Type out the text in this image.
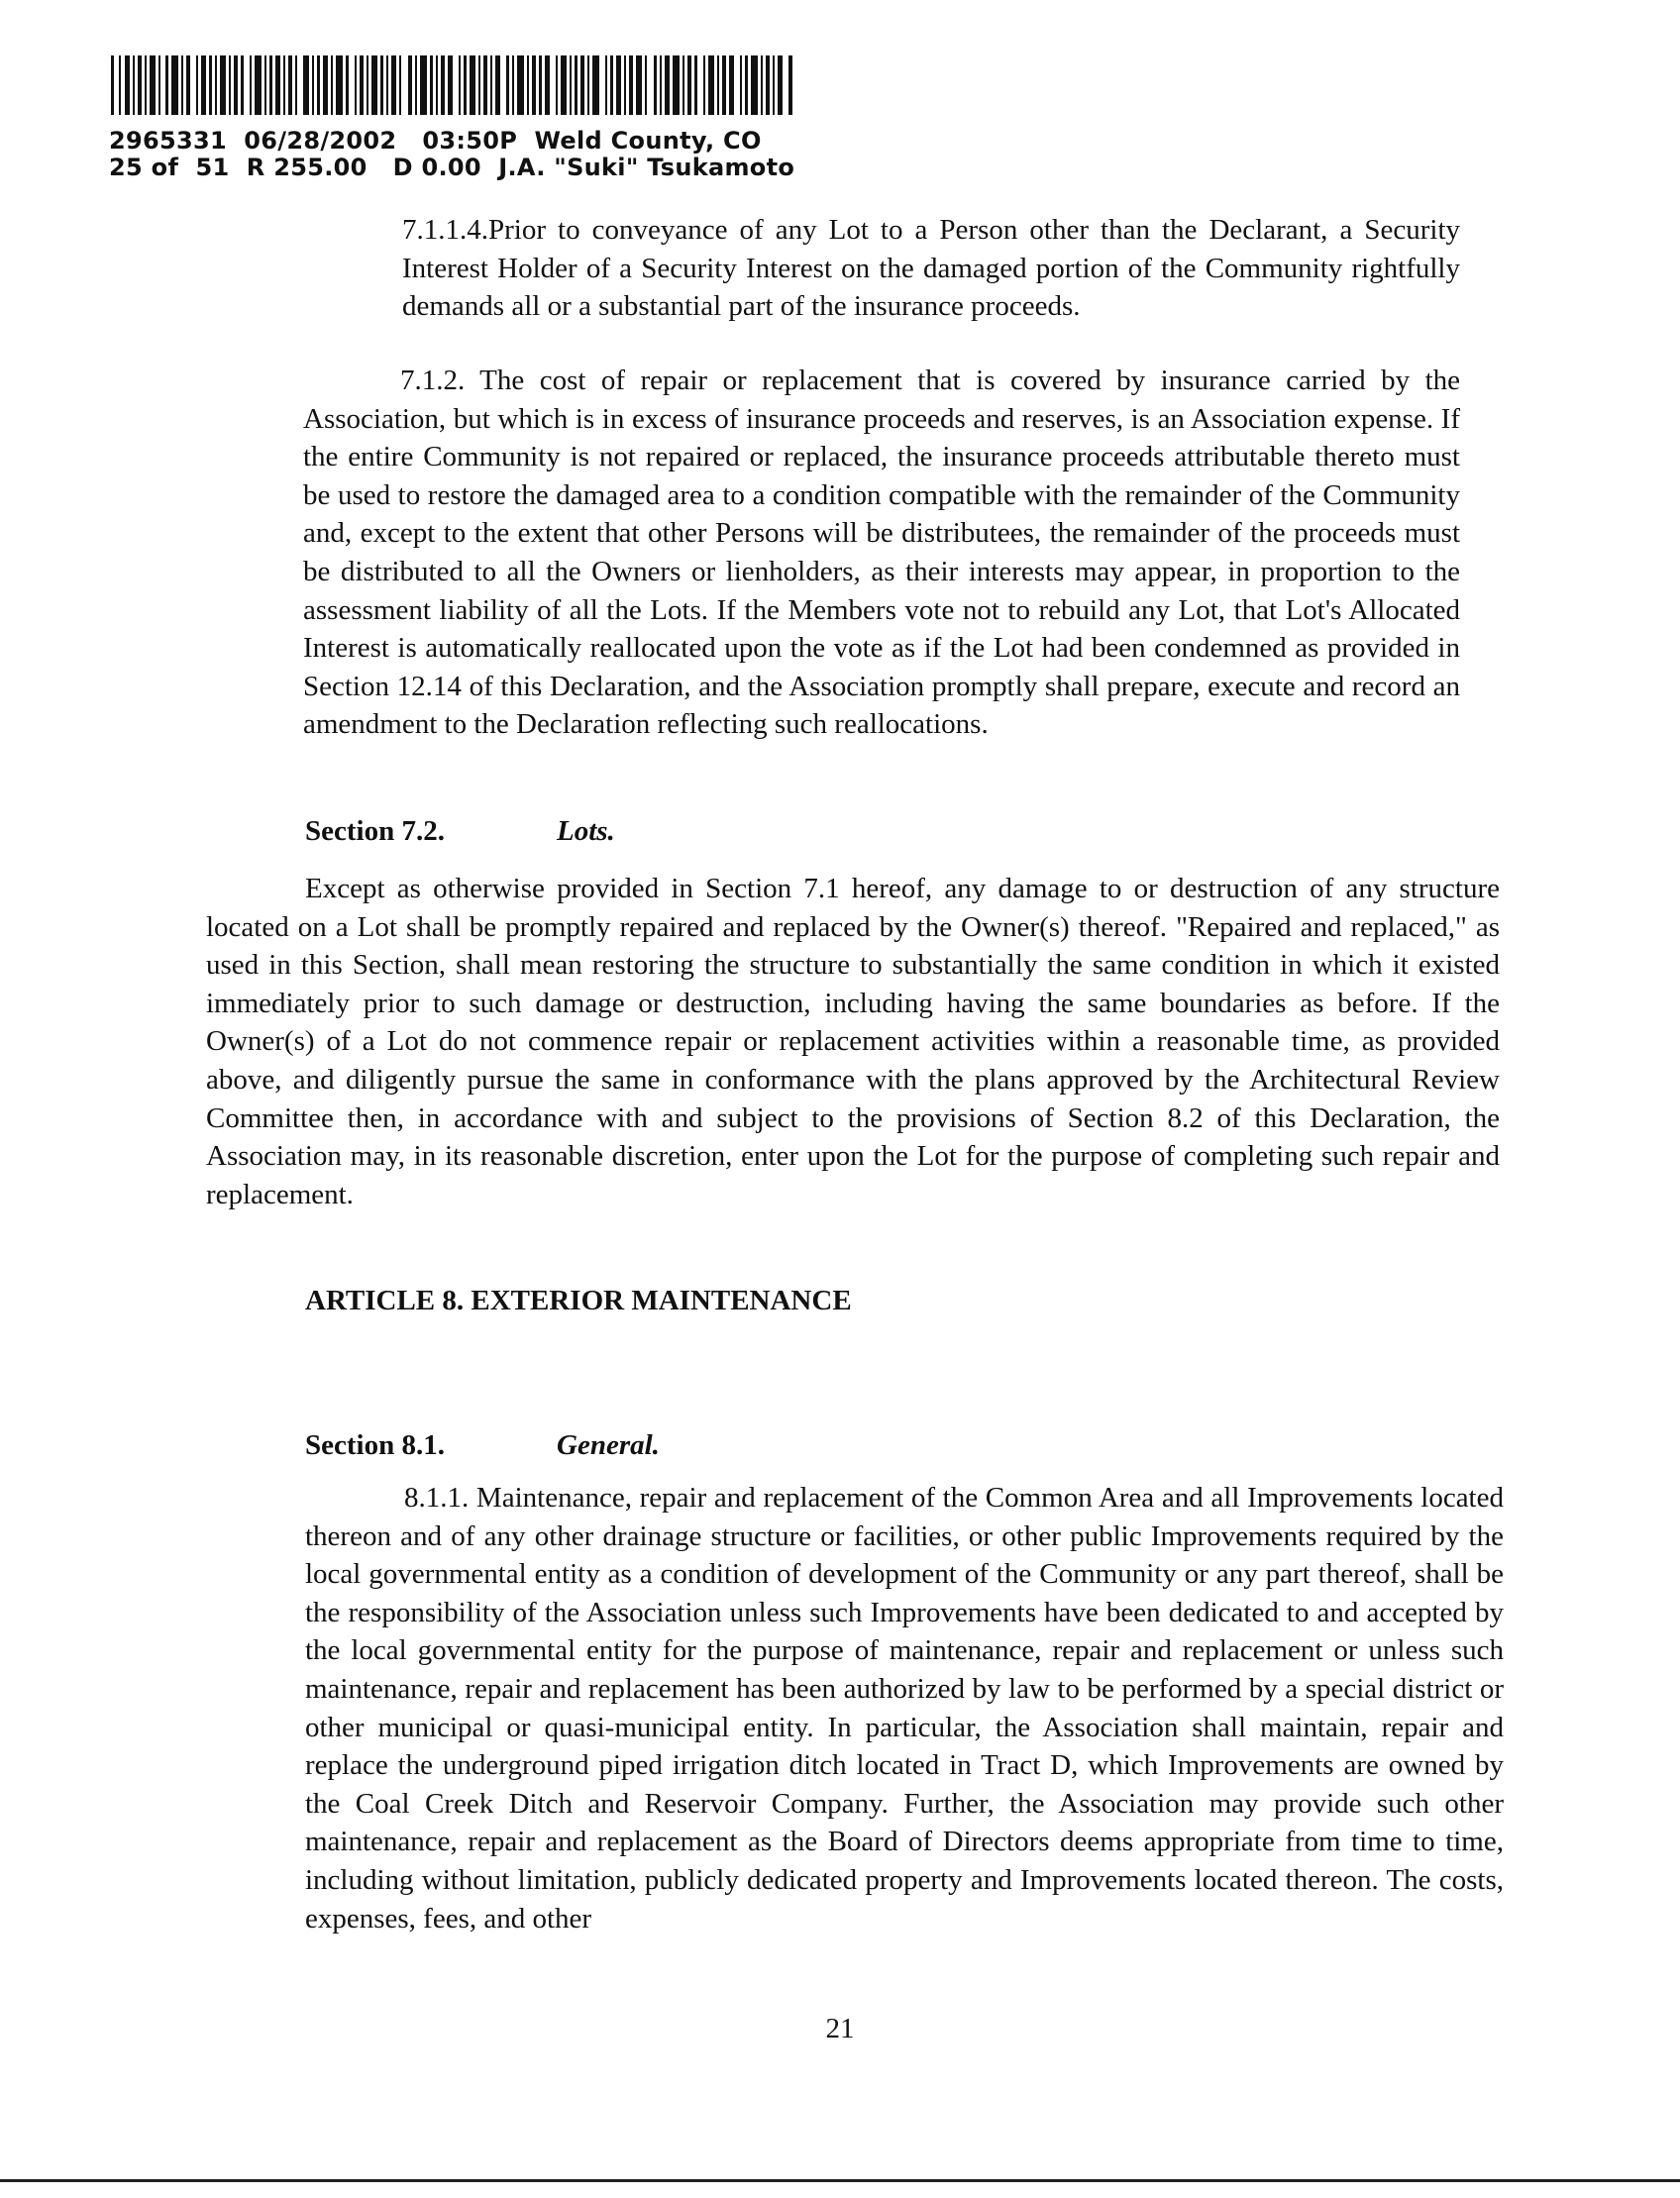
2965331  06/28/2002   03:50P  Weld County, CO
25 of  51  R 255.00   D 0.00  J.A. "Suki" Tsukamoto

7.1.1.4.Prior to conveyance of any Lot to a Person other than the Declarant, a Security Interest Holder of a Security Interest on the damaged portion of the Community rightfully demands all or a substantial part of the insurance proceeds.

7.1.2. The cost of repair or replacement that is covered by insurance carried by the Association, but which is in excess of insurance proceeds and reserves, is an Association expense. If the entire Community is not repaired or replaced, the insurance proceeds attributable thereto must be used to restore the damaged area to a condition compatible with the remainder of the Community and, except to the extent that other Persons will be distributees, the remainder of the proceeds must be distributed to all the Owners or lienholders, as their interests may appear, in proportion to the assessment liability of all the Lots. If the Members vote not to rebuild any Lot, that Lot's Allocated Interest is automatically reallocated upon the vote as if the Lot had been condemned as provided in Section 12.14 of this Declaration, and the Association promptly shall prepare, execute and record an amendment to the Declaration reflecting such reallocations.

Section 7.2.	Lots.

Except as otherwise provided in Section 7.1 hereof, any damage to or destruction of any structure located on a Lot shall be promptly repaired and replaced by the Owner(s) thereof. "Repaired and replaced," as used in this Section, shall mean restoring the structure to substantially the same condition in which it existed immediately prior to such damage or destruction, including having the same boundaries as before. If the Owner(s) of a Lot do not commence repair or replacement activities within a reasonable time, as provided above, and diligently pursue the same in conformance with the plans approved by the Architectural Review Committee then, in accordance with and subject to the provisions of Section 8.2 of this Declaration, the Association may, in its reasonable discretion, enter upon the Lot for the purpose of completing such repair and replacement.

ARTICLE 8. EXTERIOR MAINTENANCE
Section 8.1.	General.

8.1.1. Maintenance, repair and replacement of the Common Area and all Improvements located thereon and of any other drainage structure or facilities, or other public Improvements required by the local governmental entity as a condition of development of the Community or any part thereof, shall be the responsibility of the Association unless such Improvements have been dedicated to and accepted by the local governmental entity for the purpose of maintenance, repair and replacement or unless such maintenance, repair and replacement has been authorized by law to be performed by a special district or other municipal or quasi-municipal entity. In particular, the Association shall maintain, repair and replace the underground piped irrigation ditch located in Tract D, which Improvements are owned by the Coal Creek Ditch and Reservoir Company. Further, the Association may provide such other maintenance, repair and replacement as the Board of Directors deems appropriate from time to time, including without limitation, publicly dedicated property and Improvements located thereon. The costs, expenses, fees, and other

21
